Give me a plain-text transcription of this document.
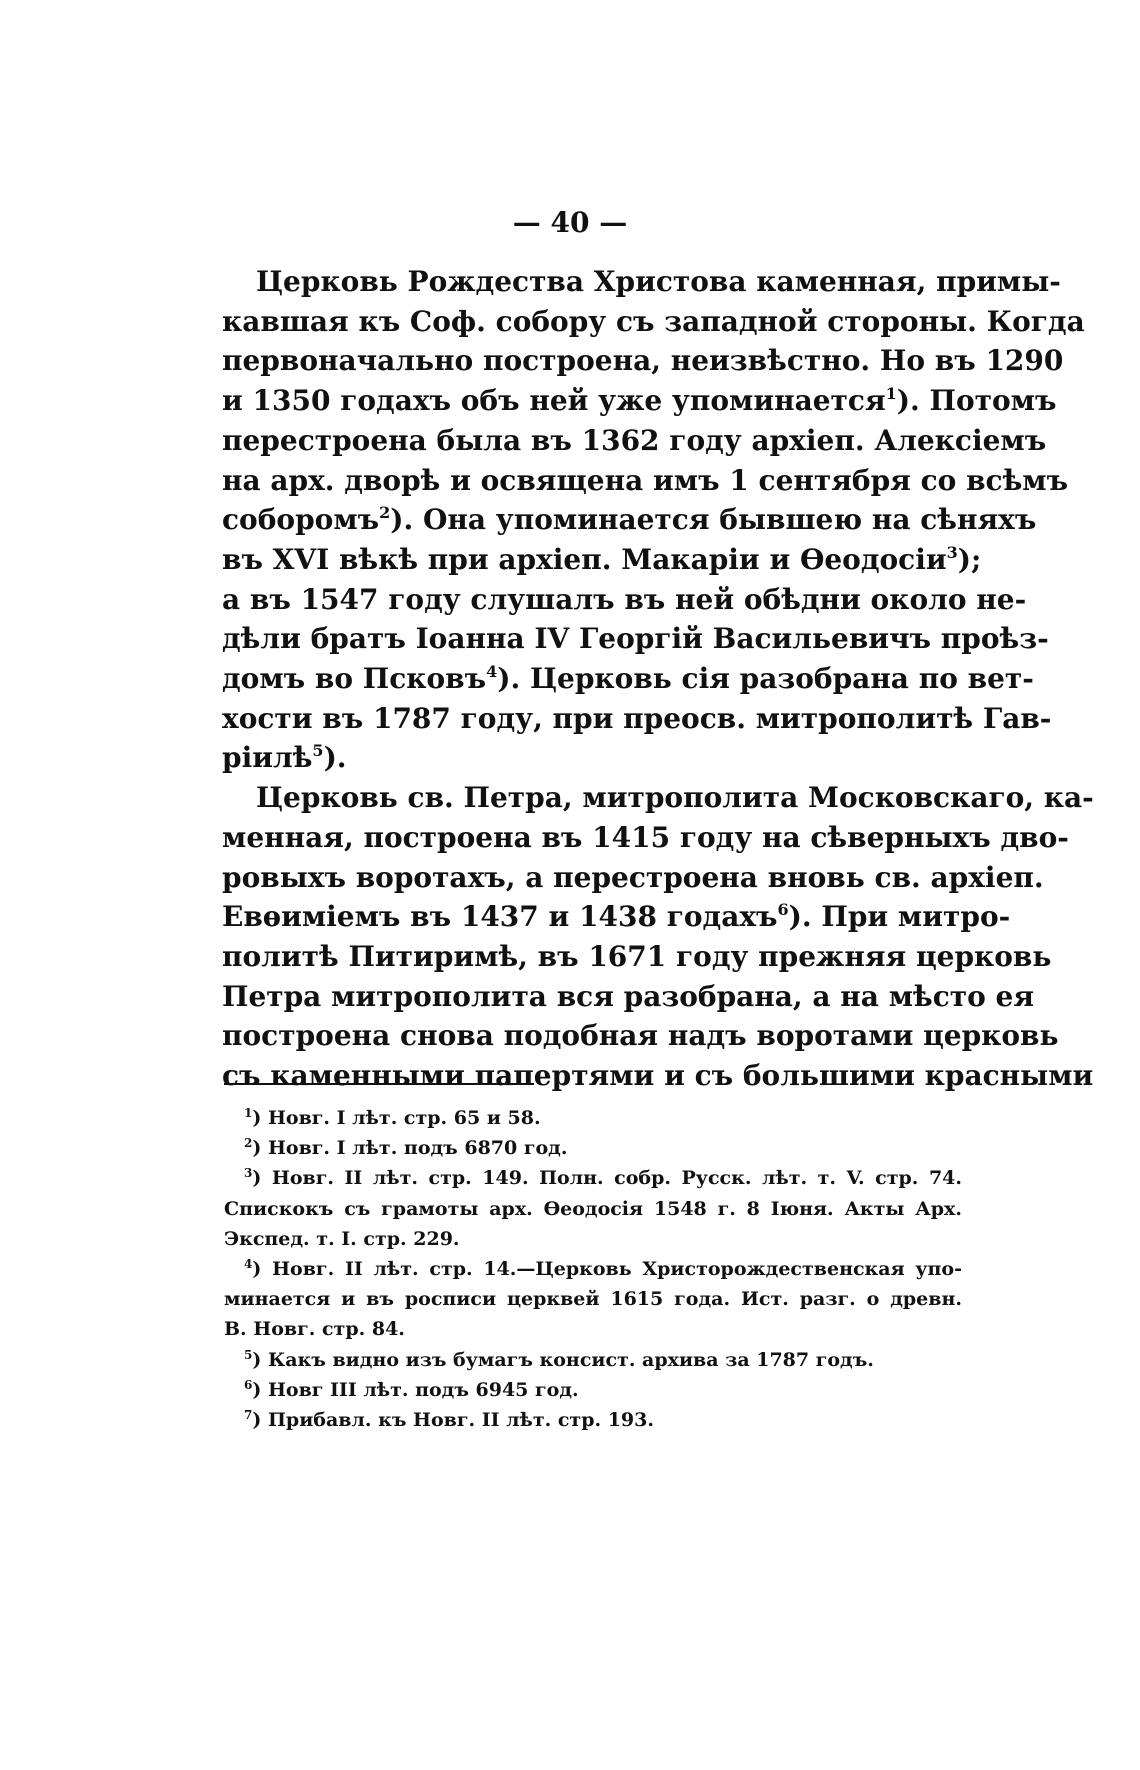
— 40 —
Церковь Рождества Христова каменная, примы-
кавшая къ Соф. собору съ западной стороны. Когда
первоначально построена, неизвѣстно. Но въ 1290
и 1350 годахъ объ ней уже упоминается$^1$). Потомъ
перестроена была въ 1362 году архіеп. Алексіемъ
на арх. дворѣ и освящена имъ 1 сентября со всѣмъ
соборомъ$^2$). Она упоминается бывшею на сѣняхъ
въ XVI вѣкѣ при архіеп. Макаріи и Ѳеодосіи$^3$);
а въ 1547 году слушалъ въ ней обѣдни около не-
дѣли братъ Іоанна IV Георгій Васильевичъ проѣз-
домъ во Псковъ$^4$). Церковь сія разобрана по вет-
хости въ 1787 году, при преосв. митрополитѣ Гав-
ріилѣ$^5$).
Церковь св. Петра, митрополита Московскаго, ка-
менная, построена въ 1415 году на сѣверныхъ дво-
ровыхъ воротахъ, а перестроена вновь св. архіеп.
Евѳиміемъ въ 1437 и 1438 годахъ$^6$). При митро-
политѣ Питиримѣ, въ 1671 году прежняя церковь
Петра митрополита вся разобрана, а на мѣсто ея
построена снова подобная надъ воротами церковь
съ каменными папертями и съ большими красными
$^1$) Новг. I лѣт. стр. 65 и 58.
$^2$) Новг. I лѣт. подъ 6870 год.
$^3$) Новг. II лѣт. стр. 149. Полн. собр. Русск. лѣт. т. V. стр. 74.
Спискокъ съ грамоты арх. Ѳеодосія 1548 г. 8 Іюня. Акты Арх.
Экспед. т. I. стр. 229.
$^4$) Новг. II лѣт. стр. 14.—Церковь Христорождественская упо-
минается и въ росписи церквей 1615 года. Ист. разг. о древн.
В. Новг. стр. 84.
$^5$) Какъ видно изъ бумагъ консист. архива за 1787 годъ.
$^6$) Новг III лѣт. подъ 6945 год.
$^7$) Прибавл. къ Новг. II лѣт. стр. 193.
